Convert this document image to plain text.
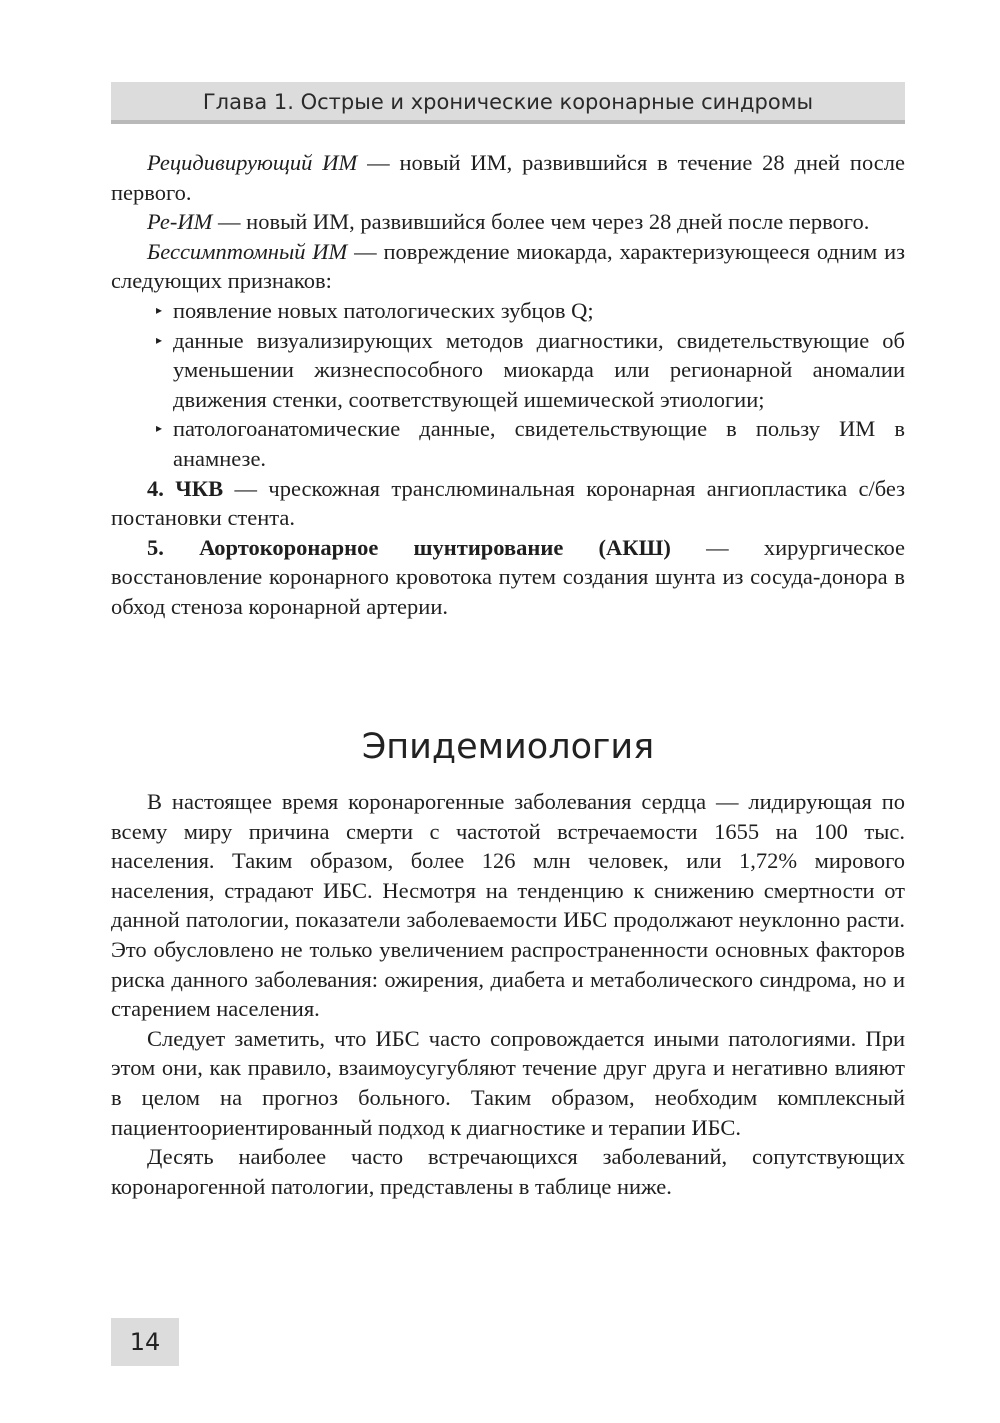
Глава 1. Острые и хронические коронарные синдромы

Рецидивирующий ИМ — новый ИМ, развившийся в течение 28 дней после первого.

Ре-ИМ — новый ИМ, развившийся более чем через 28 дней после первого.

Бессимптомный ИМ — повреждение миокарда, характеризующееся одним из следующих признаков:

▸ появление новых патологических зубцов Q;
▸ данные визуализирующих методов диагностики, свидетельствующие об уменьшении жизнеспособного миокарда или регионарной аномалии движения стенки, соответствующей ишемической этиологии;
▸ патологоанатомические данные, свидетельствующие в пользу ИМ в анамнезе.

4. ЧКВ — чрескожная транслюминальная коронарная ангиопластика с/без постановки стента.

5. Аортокоронарное шунтирование (АКШ) — хирургическое восстановление коронарного кровотока путем создания шунта из сосуда-донора в обход стеноза коронарной артерии.

Эпидемиология

В настоящее время коронарогенные заболевания сердца — лидирующая по всему миру причина смерти с частотой встречаемости 1655 на 100 тыс. населения. Таким образом, более 126 млн человек, или 1,72% мирового населения, страдают ИБС. Несмотря на тенденцию к снижению смертности от данной патологии, показатели заболеваемости ИБС продолжают неуклонно расти. Это обусловлено не только увеличением распространенности основных факторов риска данного заболевания: ожирения, диабета и метаболического синдрома, но и старением населения.

Следует заметить, что ИБС часто сопровождается иными патологиями. При этом они, как правило, взаимоусугубляют течение друг друга и негативно влияют в целом на прогноз больного. Таким образом, необходим комплексный пациентоориентированный подход к диагностике и терапии ИБС.

Десять наиболее часто встречающихся заболеваний, сопутствующих коронарогенной патологии, представлены в таблице ниже.

14
